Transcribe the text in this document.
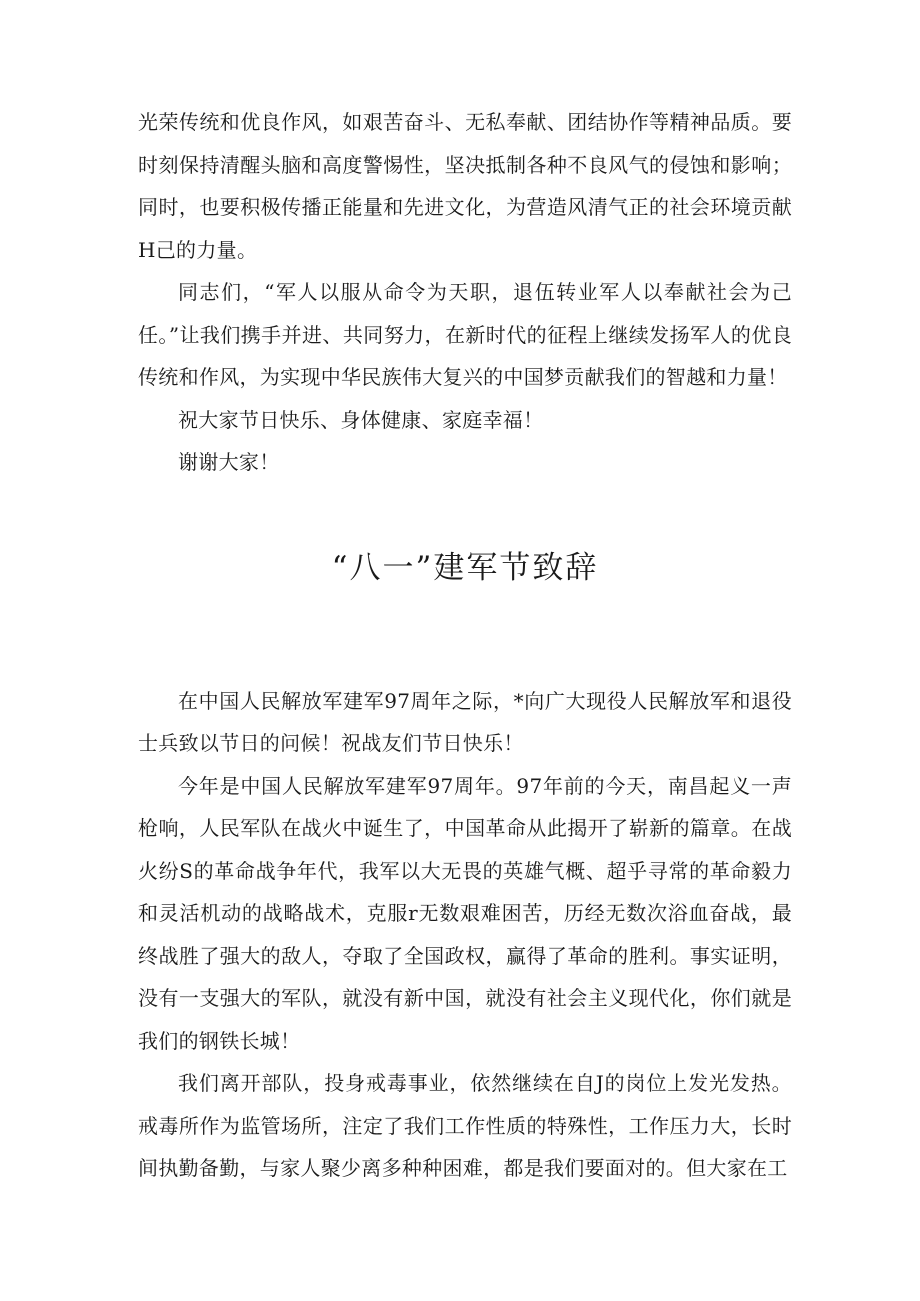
光荣传统和优良作风，如艰苦奋斗、无私奉献、团结协作等精神品质。要时刻保持清醒头脑和高度警惕性，坚决抵制各种不良风气的侵蚀和影响；同时，也要积极传播正能量和先进文化，为营造风清气正的社会环境贡献H己的力量。

同志们，“军人以服从命令为天职，退伍转业军人以奉献社会为己任。”让我们携手并进、共同努力，在新时代的征程上继续发扬军人的优良传统和作风，为实现中华民族伟大复兴的中国梦贡献我们的智越和力量！

祝大家节日快乐、身体健康、家庭幸福！

谢谢大家！

“八一”建军节致辞

在中国人民解放军建军97周年之际，*向广大现役人民解放军和退役士兵致以节日的问候！祝战友们节日快乐！

今年是中国人民解放军建军97周年。97年前的今天，南昌起义一声枪响，人民军队在战火中诞生了，中国革命从此揭开了崭新的篇章。在战火纷S的革命战争年代，我军以大无畏的英雄气概、超乎寻常的革命毅力和灵活机动的战略战术，克服r无数艰难困苦，历经无数次浴血奋战，最终战胜了强大的敌人，夺取了全国政权，赢得了革命的胜利。事实证明，没有一支强大的军队，就没有新中国，就没有社会主义现代化，你们就是我们的钢铁长城！

我们离开部队，投身戒毒事业，依然继续在自J的岗位上发光发热。戒毒所作为监管场所，注定了我们工作性质的特殊性，工作压力大，长时间执勤备勤，与家人聚少离多种种困难，都是我们要面对的。但大家在工
